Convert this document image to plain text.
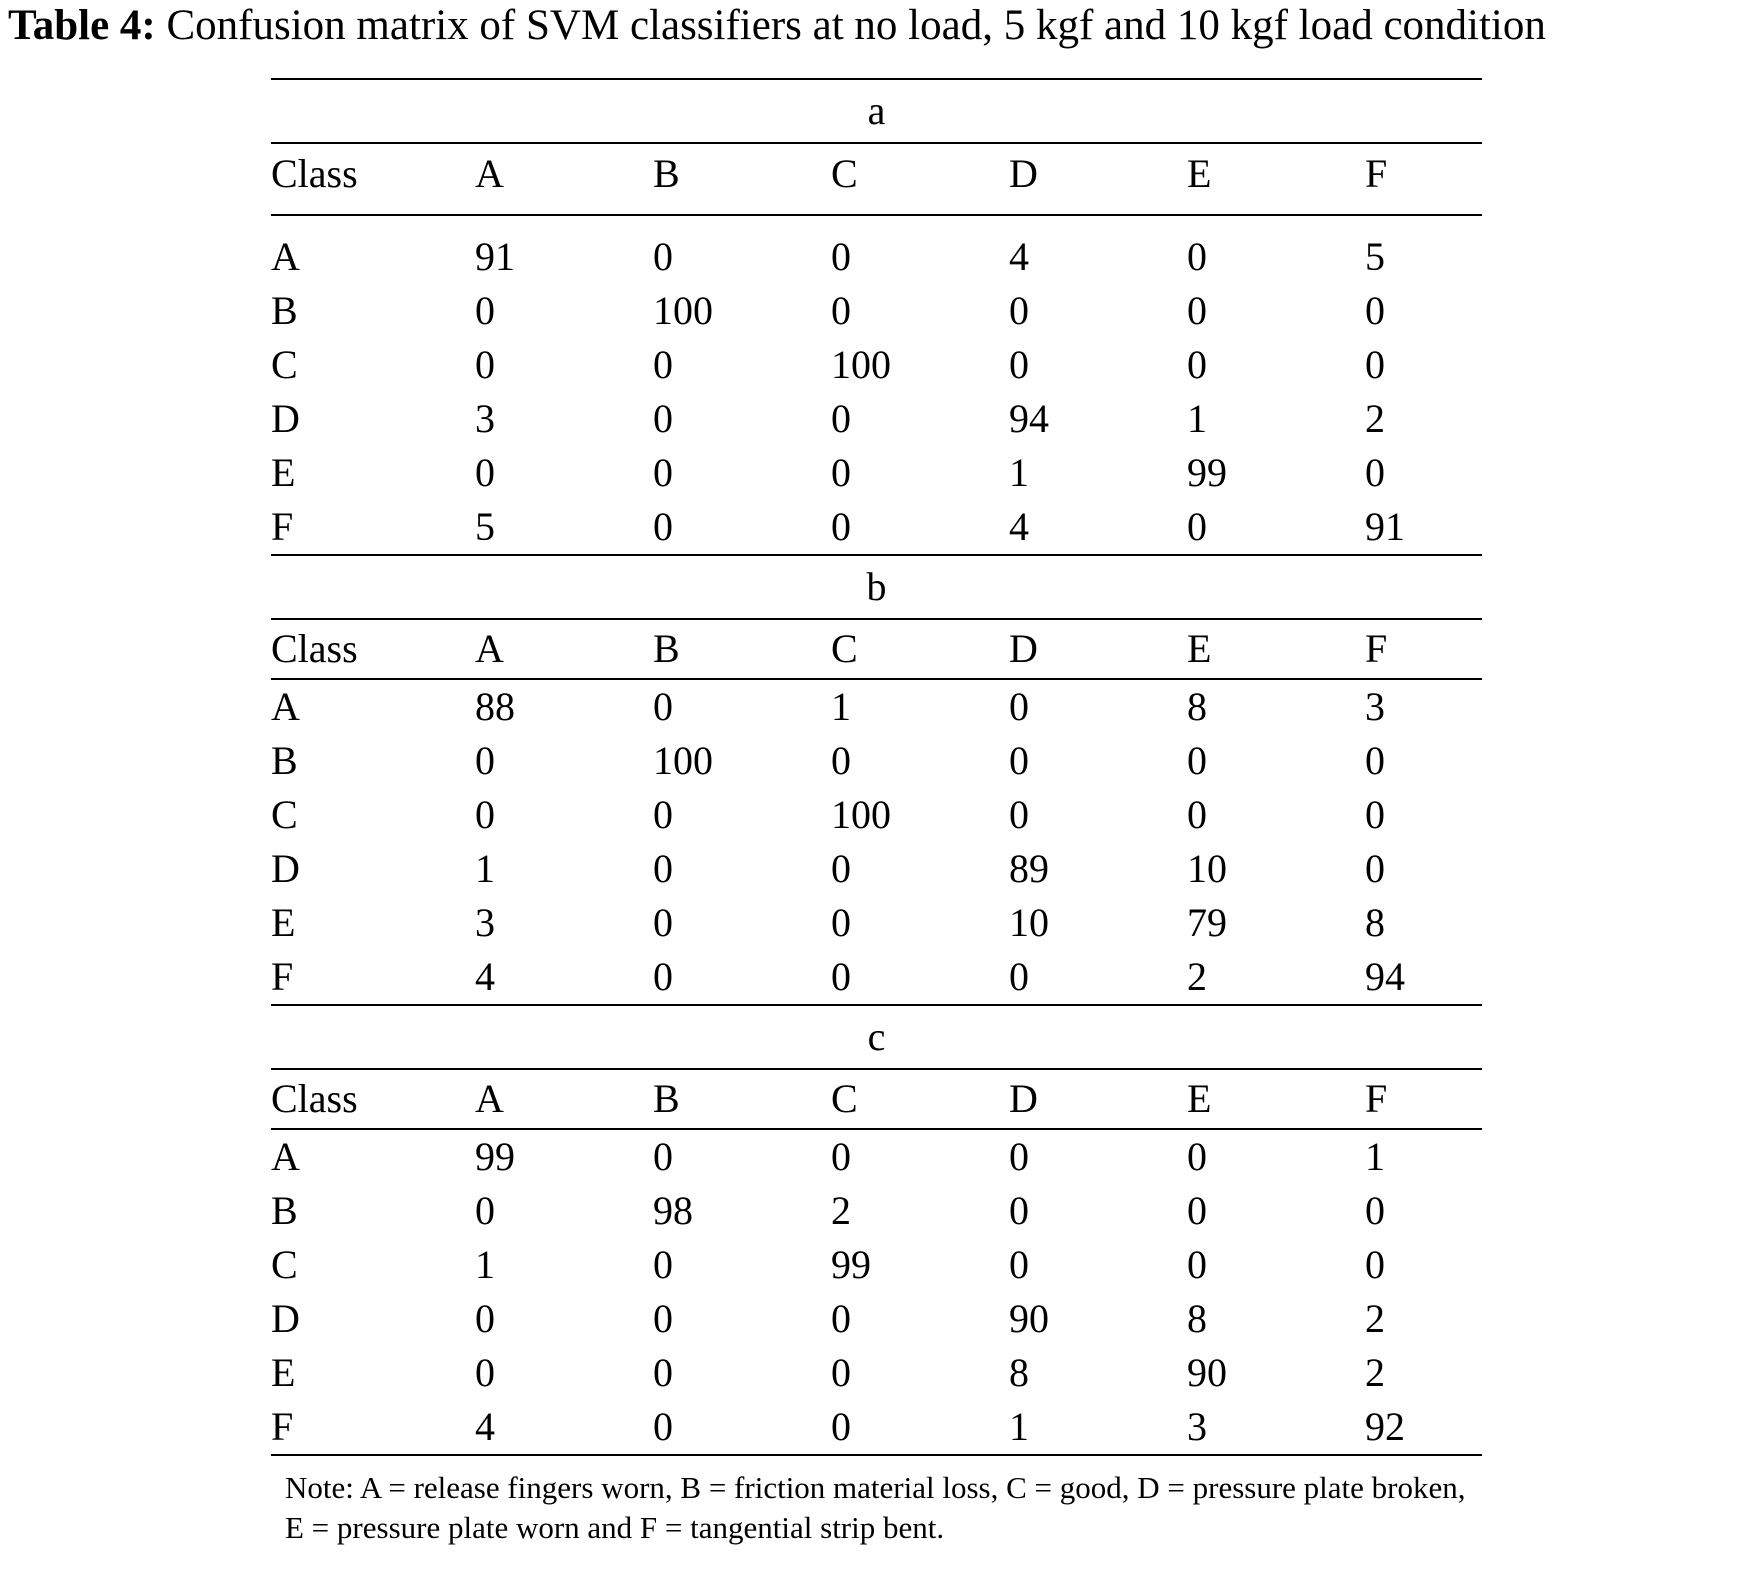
Table 4: Confusion matrix of SVM classifiers at no load, 5 kgf and 10 kgf load condition
a
Class	A	B	C	D	E	F
A	91	0	0	4	0	5
B	0	100	0	0	0	0
C	0	0	100	0	0	0
D	3	0	0	94	1	2
E	0	0	0	1	99	0
F	5	0	0	4	0	91
b
Class	A	B	C	D	E	F
A	88	0	1	0	8	3
B	0	100	0	0	0	0
C	0	0	100	0	0	0
D	1	0	0	89	10	0
E	3	0	0	10	79	8
F	4	0	0	0	2	94
c
Class	A	B	C	D	E	F
A	99	0	0	0	0	1
B	0	98	2	0	0	0
C	1	0	99	0	0	0
D	0	0	0	90	8	2
E	0	0	0	8	90	2
F	4	0	0	1	3	92
Note: A = release fingers worn, B = friction material loss, C = good, D = pressure plate broken, E = pressure plate worn and F = tangential strip bent.
